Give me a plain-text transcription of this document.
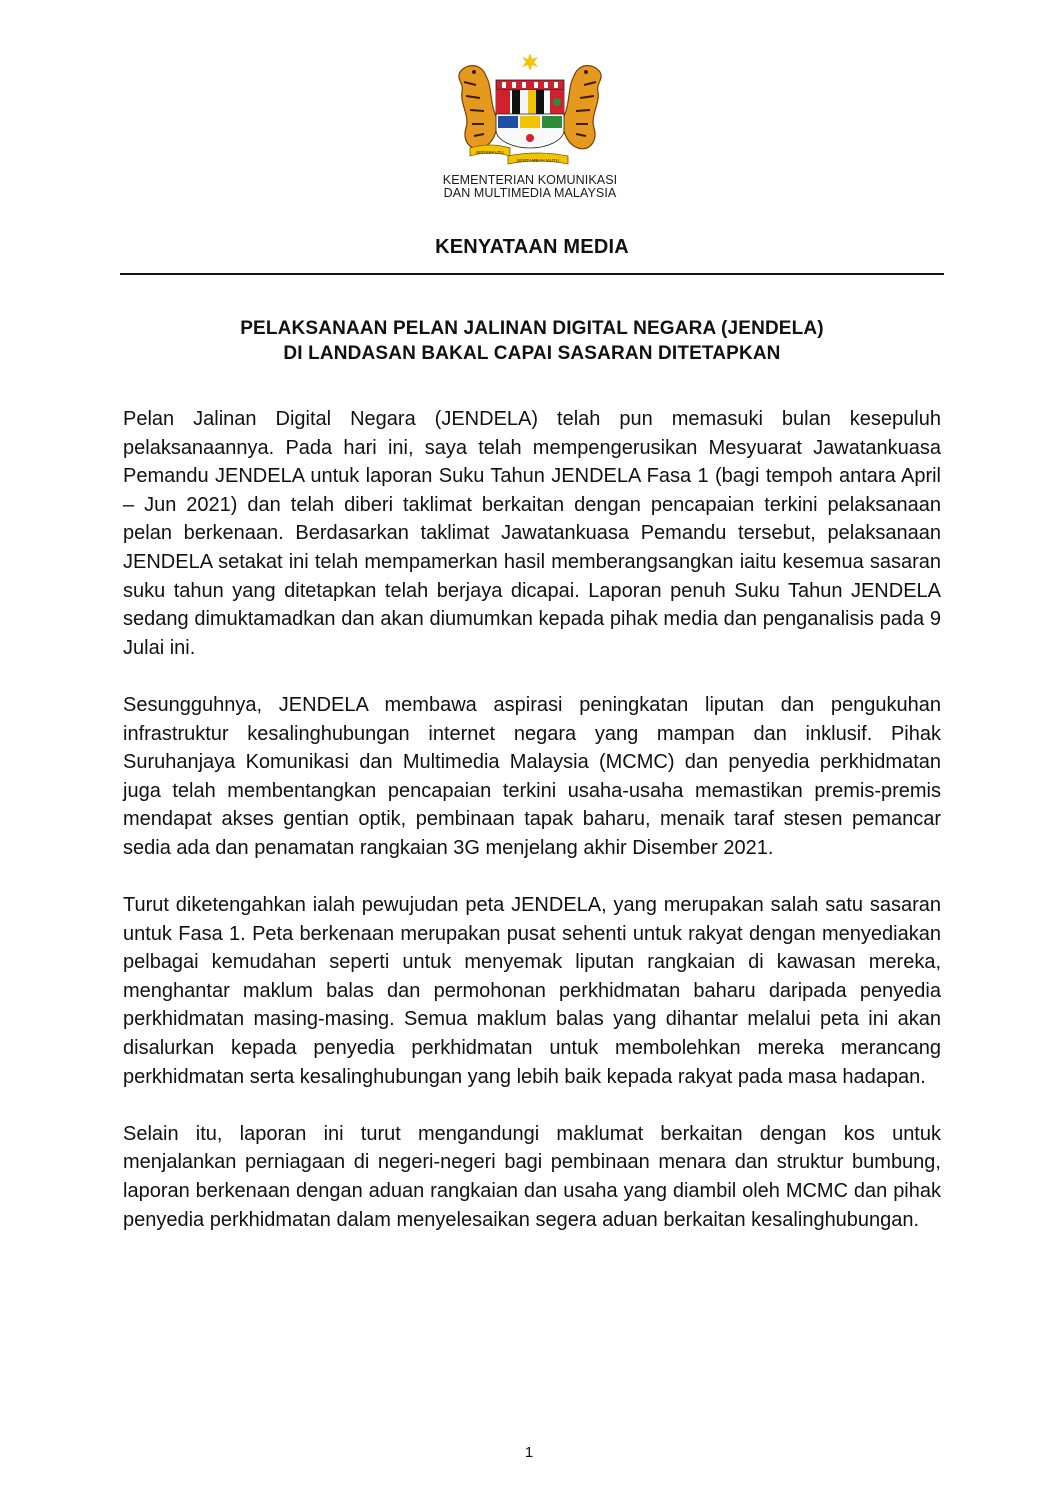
BERSEKUTU
BERTAMBAH MUTU
KEMENTERIAN KOMUNIKASI
DAN MULTIMEDIA MALAYSIA
KENYATAAN MEDIA
PELAKSANAAN PELAN JALINAN DIGITAL NEGARA (JENDELA)
DI LANDASAN BAKAL CAPAI SASARAN DITETAPKAN

Pelan Jalinan Digital Negara (JENDELA) telah pun memasuki bulan kesepuluh pelaksanaannya. Pada hari ini, saya telah mempengerusikan Mesyuarat Jawatankuasa Pemandu JENDELA untuk laporan Suku Tahun JENDELA Fasa 1 (bagi tempoh antara April – Jun 2021) dan telah diberi taklimat berkaitan dengan pencapaian terkini pelaksanaan pelan berkenaan. Berdasarkan taklimat Jawatankuasa Pemandu tersebut, pelaksanaan JENDELA setakat ini telah mempamerkan hasil memberangsangkan iaitu kesemua sasaran suku tahun yang ditetapkan telah berjaya dicapai. Laporan penuh Suku Tahun JENDELA sedang dimuktamadkan dan akan diumumkan kepada pihak media dan penganalisis pada 9 Julai ini.

Sesungguhnya, JENDELA membawa aspirasi peningkatan liputan dan pengukuhan infrastruktur kesalinghubungan internet negara yang mampan dan inklusif. Pihak Suruhanjaya Komunikasi dan Multimedia Malaysia (MCMC) dan penyedia perkhidmatan juga telah membentangkan pencapaian terkini usaha-usaha memastikan premis-premis mendapat akses gentian optik, pembinaan tapak baharu, menaik taraf stesen pemancar sedia ada dan penamatan rangkaian 3G menjelang akhir Disember 2021.

Turut diketengahkan ialah pewujudan peta JENDELA, yang merupakan salah satu sasaran untuk Fasa 1. Peta berkenaan merupakan pusat sehenti untuk rakyat dengan menyediakan pelbagai kemudahan seperti untuk menyemak liputan rangkaian di kawasan mereka, menghantar maklum balas dan permohonan perkhidmatan baharu daripada penyedia perkhidmatan masing-masing. Semua maklum balas yang dihantar melalui peta ini akan disalurkan kepada penyedia perkhidmatan untuk membolehkan mereka merancang perkhidmatan serta kesalinghubungan yang lebih baik kepada rakyat pada masa hadapan.

Selain itu, laporan ini turut mengandungi maklumat berkaitan dengan kos untuk menjalankan perniagaan di negeri-negeri bagi pembinaan menara dan struktur bumbung, laporan berkenaan dengan aduan rangkaian dan usaha yang diambil oleh MCMC dan pihak penyedia perkhidmatan dalam menyelesaikan segera aduan berkaitan kesalinghubungan.

1
